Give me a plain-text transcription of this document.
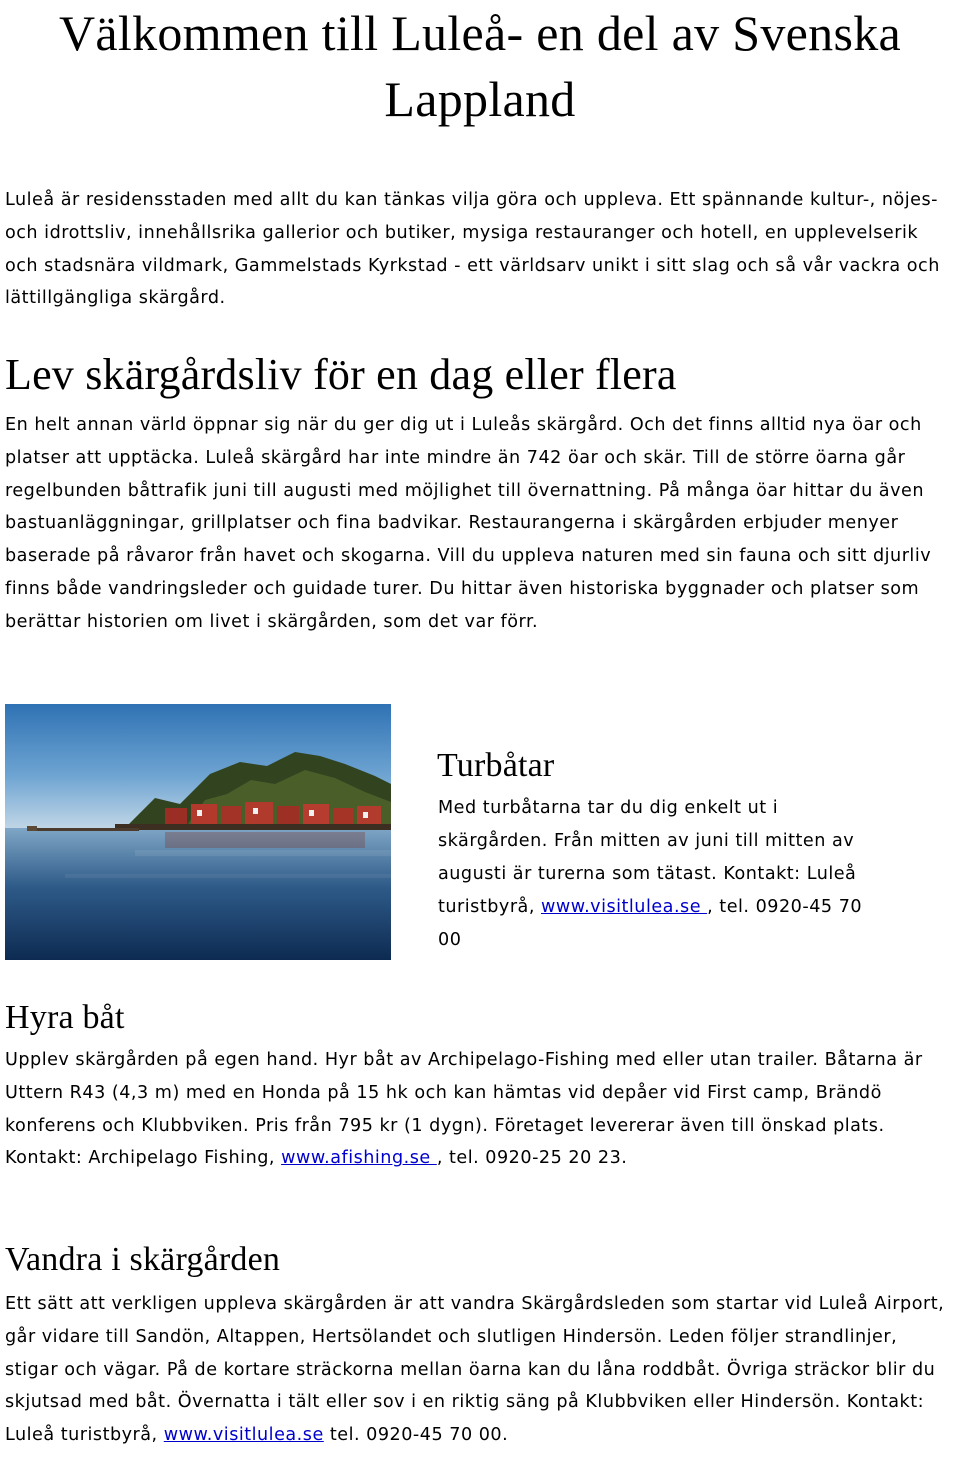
Välkommen till Luleå- en del av Svenska Lappland

Luleå är residensstaden med allt du kan tänkas vilja göra och uppleva. Ett spännande kultur-, nöjes- och idrottsliv, innehållsrika gallerior och butiker, mysiga restauranger och hotell, en upplevelserik och stadsnära vildmark, Gammelstads Kyrkstad - ett världsarv unikt i sitt slag och så vår vackra och lättillgängliga skärgård.

Lev skärgårdsliv för en dag eller flera

En helt annan värld öppnar sig när du ger dig ut i Luleås skärgård. Och det finns alltid nya öar och platser att upptäcka. Luleå skärgård har inte mindre än 742 öar och skär. Till de större öarna går regelbunden båttrafik juni till augusti med möjlighet till övernattning. På många öar hittar du även bastuanläggningar, grillplatser och fina badvikar. Restaurangerna i skärgården erbjuder menyer baserade på råvaror från havet och skogarna. Vill du uppleva naturen med sin fauna och sitt djurliv finns både vandringsleder och guidade turer. Du hittar även historiska byggnader och platser som berättar historien om livet i skärgården, som det var förr.

Turbåtar

Med turbåtarna tar du dig enkelt ut i skärgården. Från mitten av juni till mitten av augusti är turerna som tätast. Kontakt: Luleå turistbyrå, www.visitlulea.se , tel. 0920-45 70 00

Hyra båt

Upplev skärgården på egen hand. Hyr båt av Archipelago-Fishing med eller utan trailer. Båtarna är Uttern R43 (4,3 m) med en Honda på 15 hk och kan hämtas vid depåer vid First camp, Brändö konferens och Klubbviken. Pris från 795 kr (1 dygn). Företaget levererar även till önskad plats. Kontakt: Archipelago Fishing, www.afishing.se , tel. 0920-25 20 23.

Vandra i skärgården

Ett sätt att verkligen uppleva skärgården är att vandra Skärgårdsleden som startar vid Luleå Airport, går vidare till Sandön, Altappen, Hertsölandet och slutligen Hindersön. Leden följer strandlinjer, stigar och vägar. På de kortare sträckorna mellan öarna kan du låna roddbåt. Övriga sträckor blir du skjutsad med båt. Övernatta i tält eller sov i en riktig säng på Klubbviken eller Hindersön. Kontakt: Luleå turistbyrå, www.visitlulea.se tel. 0920-45 70 00.
